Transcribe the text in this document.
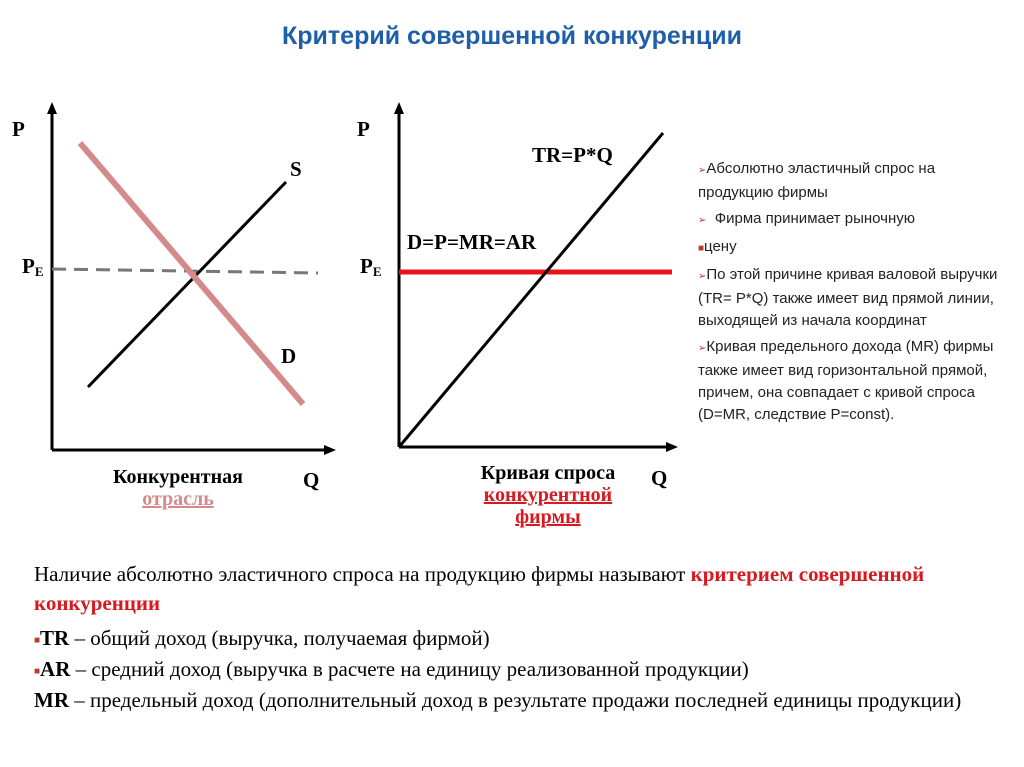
Критерий совершенной конкуренции
P
$P_E$
S
D
Q
Конкурентная
отрасль
P
$P_E$
TR=P*Q
D=P=MR=AR
Q
Кривая спроса
конкурентной
фирмы

➢Абсолютно эластичный спрос на продукцию фирмы

➢ Фирма принимает рыночную

■цену

➢По этой причине кривая валовой выручки (TR= P*Q) также имеет вид прямой линии, выходящей из начала координат

➢Кривая предельного дохода (MR) фирмы также имеет вид горизонтальной прямой, причем, она совпадает с кривой спроса (D=MR, следствие P=const).

Наличие абсолютно эластичного спроса на продукцию фирмы называют критерием совершенной конкуренции

■TR – общий доход (выручка, получаемая фирмой)

■AR – средний доход (выручка в расчете на единицу реализованной продукции)

MR – предельный доход (дополнительный доход в результате продажи последней единицы продукции)
